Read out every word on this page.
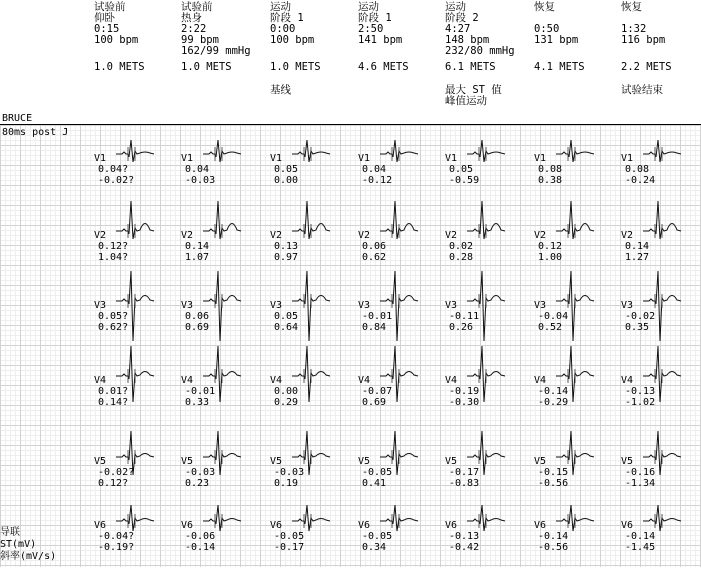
试验前
仰卧
0:15
100 bpm
1.0 METS
试验前
热身
2:22
99 bpm
162/99 mmHg
1.0 METS
运动
阶段 1
0:00
100 bpm
1.0 METS
基线
运动
阶段 1
2:50
141 bpm
4.6 METS
运动
阶段 2
4:27
148 bpm
232/80 mmHg
6.1 METS
最大 ST 值
峰值运动
恢复
0:50
131 bpm
4.1 METS
恢复
1:32
116 bpm
2.2 METS
试验结束
BRUCE
80ms post J
V1
0.04?
-0.02?
V2
0.12?
1.04?
V3
0.05?
0.62?
V4
0.01?
0.14?
V5
-0.02?
0.12?
V6
-0.04?
-0.19?
V1
0.04
-0.03
V2
0.14
1.07
V3
0.06
0.69
V4
-0.01
0.33
V5
-0.03
0.23
V6
-0.06
-0.14
V1
0.05
0.00
V2
0.13
0.97
V3
0.05
0.64
V4
0.00
0.29
V5
-0.03
0.19
V6
-0.05
-0.17
V1
0.04
-0.12
V2
0.06
0.62
V3
-0.01
0.84
V4
-0.07
0.69
V5
-0.05
0.41
V6
-0.05
0.34
V1
0.05
-0.59
V2
0.02
0.28
V3
-0.11
0.26
V4
-0.19
-0.30
V5
-0.17
-0.83
V6
-0.13
-0.42
V1
0.08
0.38
V2
0.12
1.00
V3
-0.04
0.52
V4
-0.14
-0.29
V5
-0.15
-0.56
V6
-0.14
-0.56
V1
0.08
-0.24
V2
0.14
1.27
V3
-0.02
0.35
V4
-0.13
-1.02
V5
-0.16
-1.34
V6
-0.14
-1.45
导联
ST(mV)
斜率(mV/s)
